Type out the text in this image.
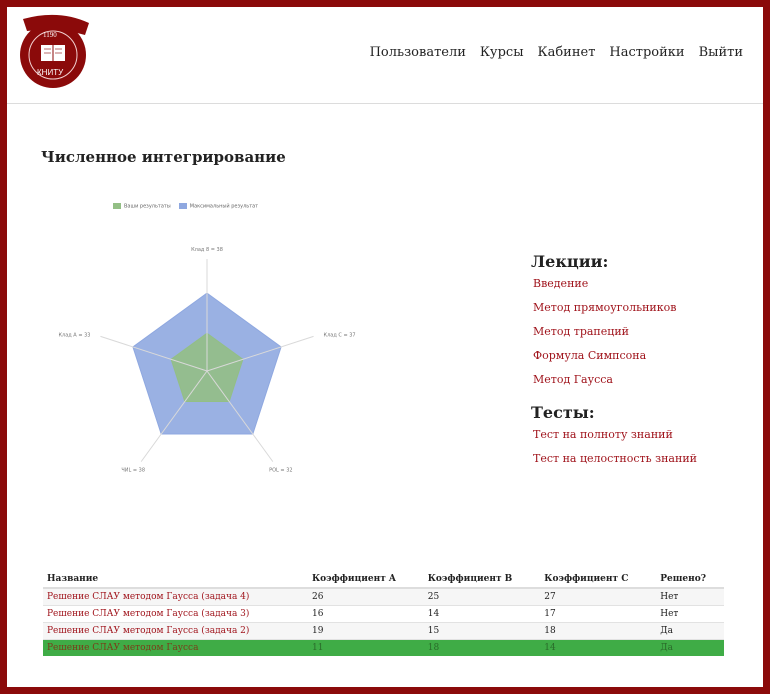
1190
КНИТУ
Пользователи Курсы Кабинет Настройки Выйти
Численное интегрирование
Ваши результаты	Максимальный результат
Клад 8 = 38
Клад С = 37
РОL = 32
ЧИL = 38
Клад А = 33
Лекции:
Введение
Метод прямоугольников
Метод трапеций
Формула Симпсона
Метод Гаусса
Тесты:
Тест на полноту знаний
Тест на целостность знаний
Название	Коэффициент A	Коэффициент B	Коэффициент C	Решено?
Решение СЛАУ методом Гаусса (задача 4)	26	25	27	Нет
Решение СЛАУ методом Гаусса (задача 3)	16	14	17	Нет
Решение СЛАУ методом Гаусса (задача 2)	19	15	18	Да
Решение СЛАУ методом Гаусса	11	18	14	Да
